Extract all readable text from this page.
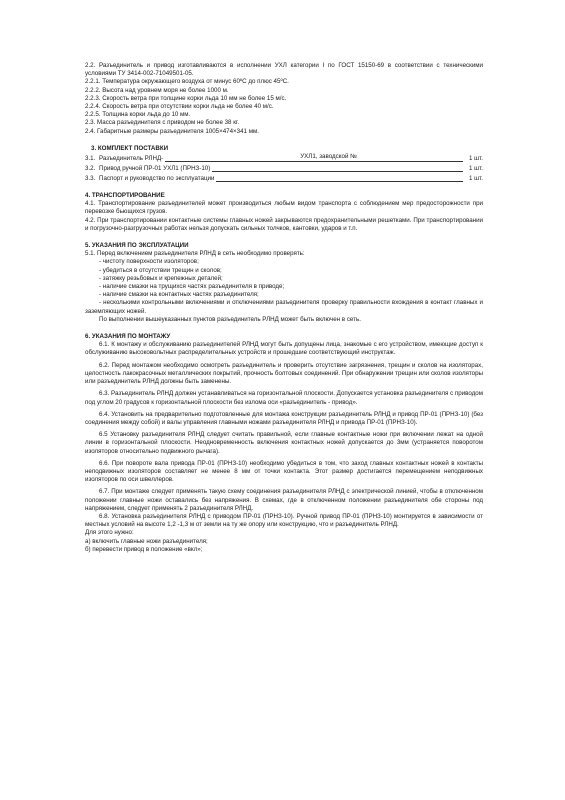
2.2. Разъединитель и привод изготавливаются в исполнении УХЛ категории I по ГОСТ 15150-69 в соответствии с техническими условиями ТУ 3414-002-71049501-05.

2.2.1. Температура окружающего воздуха от минус 60ºС до плюс 45ºС.

2.2.2. Высота над уровнем моря не более 1000 м.

2.2.3. Скорость ветра при толщине корки льда 10 мм не более 15 м/с.

2.2.4. Скорость ветра при отсутствии корки льда не более 40 м/с.

2.2.5. Толщина корки льда до 10 мм.

2.3. Масса разъединителя с приводом не более 38 кг.

2.4. Габаритные размеры разъединителя 1005×474×341 мм.

3. КОМПЛЕКТ ПОСТАВКИ

3.1. Разъединитель РЛНД-	УХЛ1, заводской №	1 шт.
3.2. Привод ручной ПР-01 УХЛ1 (ПРНЗ-10)	1 шт.
3.3. Паспорт и руководство по эксплуатации	1 шт.

4. ТРАНСПОРТИРОВАНИЕ

4.1. Транспортирование разъединителей может производиться любым видом транспорта с соблюдением мер предосторожности при перевозке бьющихся грузов.

4.2. При транспортировании контактные системы главных ножей закрываются предохранительными решетками. При транспортировании и погрузочно-разгрузочных работах нельзя допускать сильных толчков, кантовки, ударов и т.п.

5. УКАЗАНИЯ ПО ЭКСПЛУАТАЦИИ

5.1. Перед включением разъединителя РЛНД в сеть необходимо проверять:

- чистоту поверхности изоляторов;

- убедиться в отсутствии трещин и сколов;

- затяжку резьбовых и крепежных деталей;

- наличие смазки на трущихся частях разъединителя в приводе;

- наличие смазки на контактных частях разъединителя;

- несколькими контрольными включениями и отключениями разъединителя проверку правильности вхождения в контакт главных и заземляющих ножей.

По выполнении вышеуказанных пунктов разъединитель РЛНД может быть включен в сеть.

6. УКАЗАНИЯ ПО МОНТАЖУ

6.1. К монтажу и обслуживанию разъединителей РЛНД могут быть допущены лица, знакомые с его устройством, имеющие доступ к обслуживанию высоковольтных распределительных устройств и прошедшие соответствующий инструктаж.

6.2. Перед монтажом необходимо осмотреть разъединитель и проверить отсутствие загрязнения, трещин и сколов на изоляторах, целостность лакокрасочных металлических покрытий, прочность болтовых соединений. При обнаружении трещин или сколов изоляторы или разъединитель РЛНД должны быть заменены.

6.3. Разъединитель РЛНД должен устанавливаться на горизонтальной плоскости. Допускается установка разъединителя с приводом под углом 20 градусов к горизонтальной плоскости без излома оси «разъединитель - привод».

6.4. Установить на предварительно подготовленные для монтажа конструкции разъединитель РЛНД и привод ПР-01 (ПРНЗ-10) (без соединения между собой) и валы управления главными ножами разъединителя РЛНД и привода ПР-01 (ПРНЗ-10).

6.5 Установку разъединителя РЛНД следует считать правильной, если главные контактные ножи при включении лежат на одной линии в горизонтальной плоскости. Неодновременность включения контактных ножей допускается до 3мм (устраняется поворотом изоляторов относительно подвижного рычага).

6.6. При повороте вала привода ПР-01 (ПРНЗ-10) необходимо убедиться в том, что заход главных контактных ножей в контакты неподвижных изоляторов составляет не менее 8 мм от точки контакта. Этот размер достигается перемещением неподвижных изоляторов по оси швеллеров.

6.7. При монтаже следует применять такую схему соединения разъединителя РЛНД с электрической линией, чтобы в отключенном положении главные ножи оставались без напряжения. В схемах, где в отключенном положении разъединителя обе стороны под напряжением, следует применять 2 разъединителя РЛНД.

6.8. Установка разъединителя РЛНД с приводом ПР-01 (ПРНЗ-10). Ручной привод ПР-01 (ПРНЗ-10) монтируется в зависимости от местных условий на высоте 1,2 -1,3 м от земли на ту же опору или конструкцию, что и разъединитель РЛНД.

Для этого нужно:

а) включить главные ножи разъединителя;

б) перевести привод в положение «вкл»;
